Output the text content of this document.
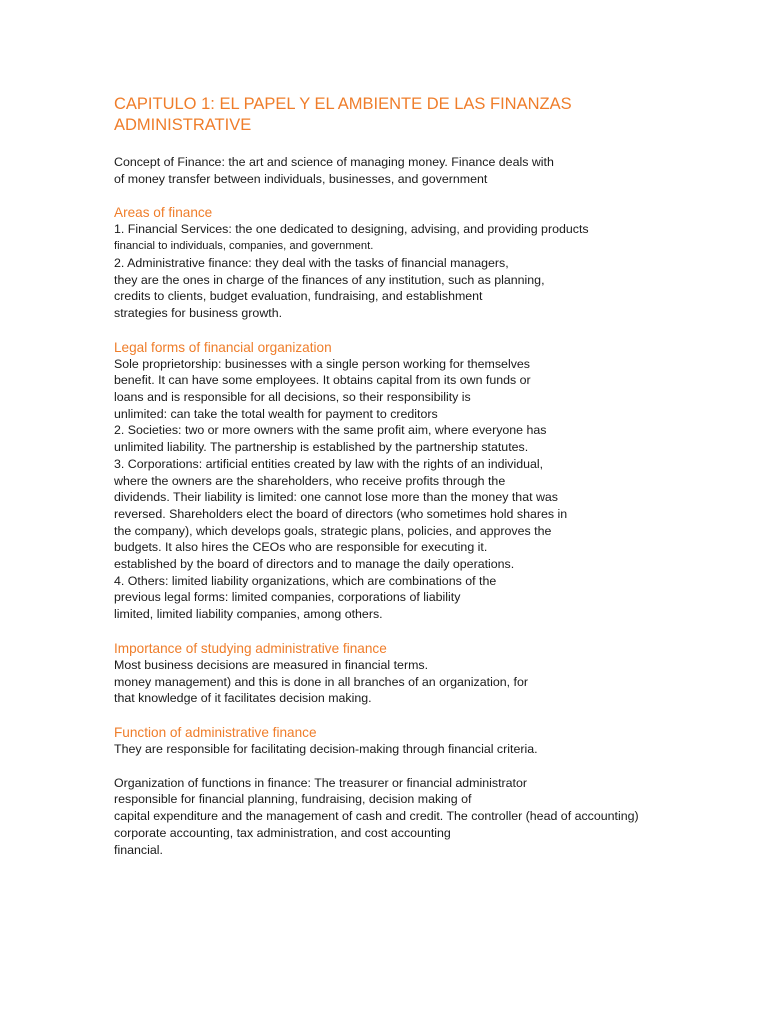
CAPITULO 1: EL PAPEL Y EL AMBIENTE DE LAS FINANZAS
ADMINISTRATIVE
Concept of Finance: the art and science of managing money. Finance deals with
of money transfer between individuals, businesses, and government
Areas of finance
1. Financial Services: the one dedicated to designing, advising, and providing products
financial to individuals, companies, and government.
2. Administrative finance: they deal with the tasks of financial managers,
they are the ones in charge of the finances of any institution, such as planning,
credits to clients, budget evaluation, fundraising, and establishment
strategies for business growth.
Legal forms of financial organization
Sole proprietorship: businesses with a single person working for themselves
benefit. It can have some employees. It obtains capital from its own funds or
loans and is responsible for all decisions, so their responsibility is
unlimited: can take the total wealth for payment to creditors
2. Societies: two or more owners with the same profit aim, where everyone has
unlimited liability. The partnership is established by the partnership statutes.
3. Corporations: artificial entities created by law with the rights of an individual,
where the owners are the shareholders, who receive profits through the
dividends. Their liability is limited: one cannot lose more than the money that was
reversed. Shareholders elect the board of directors (who sometimes hold shares in
the company), which develops goals, strategic plans, policies, and approves the
budgets. It also hires the CEOs who are responsible for executing it.
established by the board of directors and to manage the daily operations.
4. Others: limited liability organizations, which are combinations of the
previous legal forms: limited companies, corporations of liability
limited, limited liability companies, among others.
Importance of studying administrative finance
Most business decisions are measured in financial terms.
money management) and this is done in all branches of an organization, for
that knowledge of it facilitates decision making.
Function of administrative finance
They are responsible for facilitating decision-making through financial criteria.
Organization of functions in finance: The treasurer or financial administrator
responsible for financial planning, fundraising, decision making of
capital expenditure and the management of cash and credit. The controller (head of accounting)
corporate accounting, tax administration, and cost accounting
financial.
